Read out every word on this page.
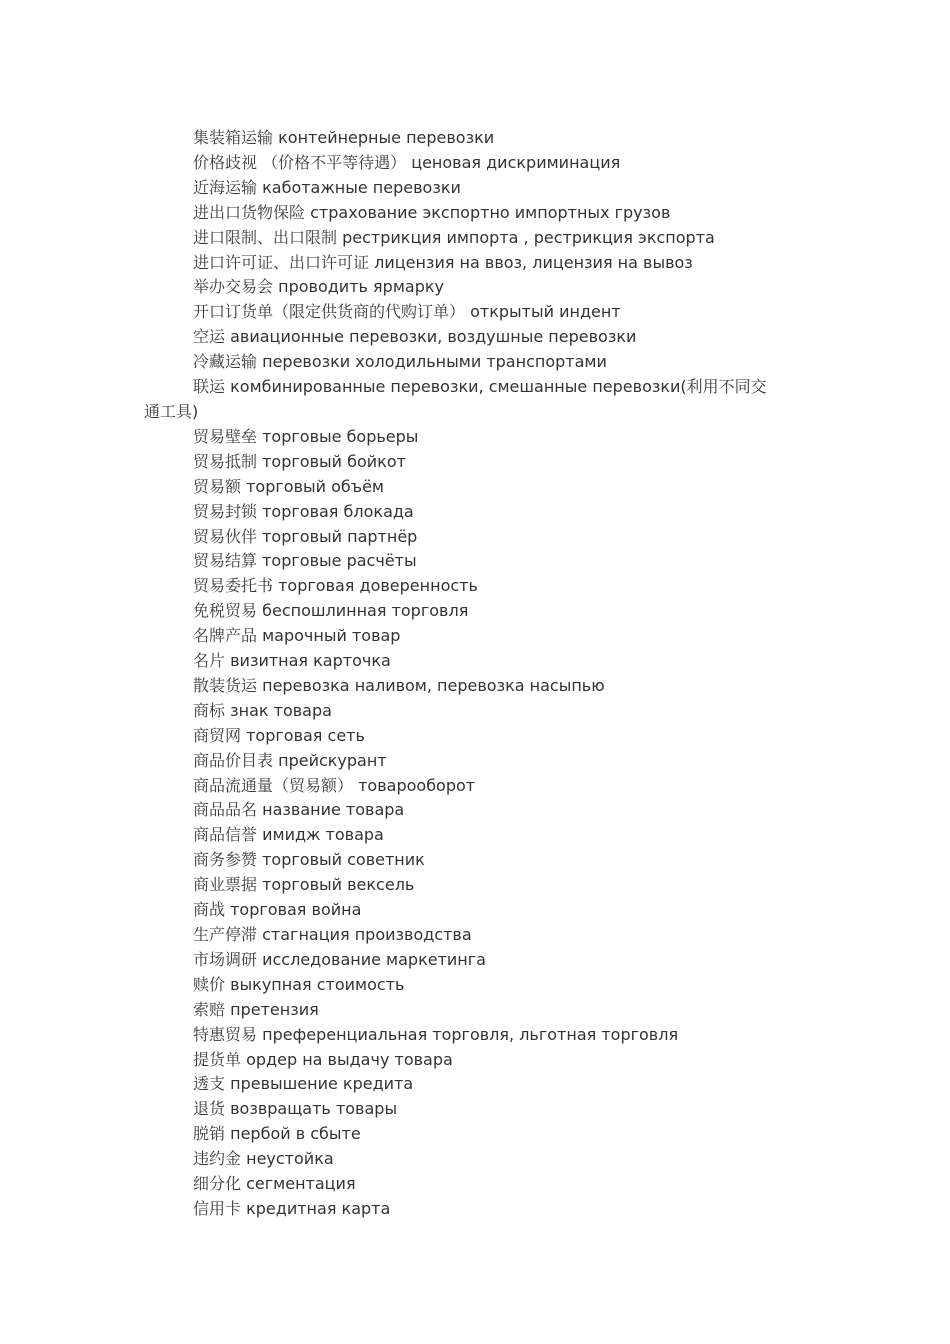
集装箱运输 контейнерные перевозки

价格歧视 （价格不平等待遇） ценовая дискриминация

近海运输 каботажные перевозки

进出口货物保险 страхование экспортно импортных грузов

进口限制、出口限制 рестрикция импорта , рестрикция экспорта

进口许可证、出口许可证 лицензия на ввоз, лицензия на вывоз

举办交易会 проводить ярмарку

开口订货单（限定供货商的代购订单） открытый индент

空运 авиационные перевозки, воздушные перевозки

冷藏运输 перевозки холодильными транспортами

联运 комбинированные перевозки, смешанные перевозки(利用不同交
通工具)

贸易壁垒 торговые борьеры

贸易抵制 торговый бойкот

贸易额 торговый объём

贸易封锁 торговая блокада

贸易伙伴 торговый партнёр

贸易结算 торговые расчёты

贸易委托书 торговая доверенность

免税贸易 беспошлинная торговля

名牌产品 марочный товар

名片 визитная карточка

散装货运 перевозка наливом, перевозка насыпью

商标 знак товара

商贸网 торговая сеть

商品价目表 прейскурант

商品流通量（贸易额） товарооборот

商品品名 название товара

商品信誉 имидж товара

商务参赞 торговый советник

商业票据 торговый вексель

商战 торговая война

生产停滞 стагнация производства

市场调研 исследование маркетинга

赎价 выкупная стоимость

索赔 претензия

特惠贸易 преференциальная торговля, льготная торговля

提货单 ордер на выдачу товара

透支 превышение кредита

退货 возвращать товары

脱销 пербой в сбыте

违约金 неустойка

细分化 сегментация

信用卡 кредитная карта
